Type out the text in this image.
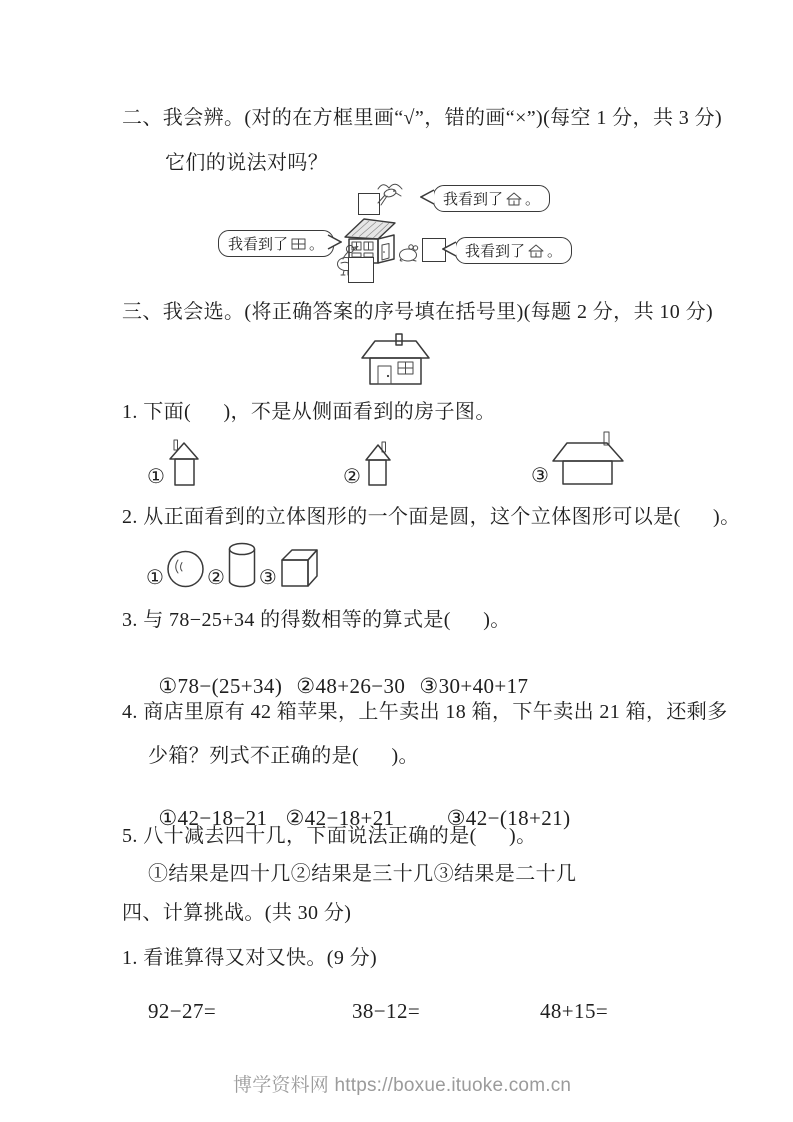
二、我会辨。(对的在方框里画“√”，错的画“×”)(每空 1 分，共 3 分)
它们的说法对吗？
我看到了 。
我看到了 。	我看到了 。
三、我会选。(将正确答案的序号填在括号里)(每题 2 分，共 10 分)
1. 下面(      )，不是从侧面看到的房子图。
①	②	③
2. 从正面看到的立体图形的一个面是圆，这个立体图形可以是(      )。
① ② ③
3. 与 78−25+34 的得数相等的算式是(      )。

①78−(25+34) ②48+26−30 ③30+40+17

4. 商店里原有 42 箱苹果，上午卖出 18 箱，下午卖出 21 箱，还剩多
少箱？列式不正确的是(      )。

①42−18−21 ②42−18+21 ③42−(18+21)

5. 八十减去四十几，下面说法正确的是(      )。
①结果是四十几②结果是三十几③结果是二十几
四、计算挑战。(共 30 分)
1. 看谁算得又对又快。(9 分)
92−27=	38−12=	48+15=
博学资料网 https://boxue.ituoke.com.cn
